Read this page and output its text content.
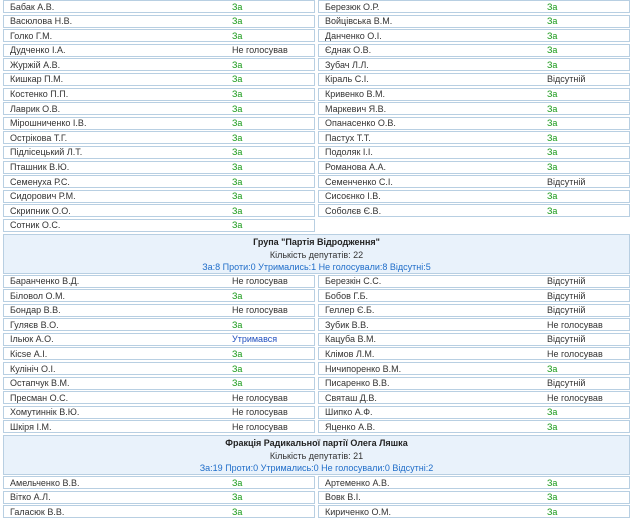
Бабак А.В.	За	Березюк О.Р.	За
Васюлова Н.В.	За	Войцівська В.М.	За
Голко Г.М.	За	Данченко О.І.	За
Дудченко І.А.	Не голосував	Єднак О.В.	За
Журжій А.В.	За	Зубач Л.Л.	За
Кишкар П.М.	За	Кіраль С.І.	Відсутній
Костенко П.П.	За	Кривенко В.М.	За
Лаврик О.В.	За	Маркевич Я.В.	За
Мірошниченко І.В.	За	Опанасенко О.В.	За
Острікова Т.Г.	За	Пастух Т.Т.	За
Підлісецький Л.Т.	За	Подоляк І.І.	За
Пташник В.Ю.	За	Романова А.А.	За
Семенуха Р.С.	За	Семенченко С.І.	Відсутній
Сидорович Р.М.	За	Сисоєнко І.В.	За
Скрипник О.О.	За	Соболєв Є.В.	За
Сотник О.С.	За
Група "Партія Відродження"
Кількість депутатів: 22
За:8 Проти:0 Утримались:1 Не голосували:8 Відсутні:5
Баранченко В.Д.	Не голосував	Березкін С.С.	Відсутній
Біловол О.М.	За	Бобов Г.Б.	Відсутній
Бондар В.В.	Не голосував	Геллер Є.Б.	Відсутній
Гуляєв В.О.	За	Зубик В.В.	Не голосував
Ільюк А.О.	Утримався	Кацуба В.М.	Відсутній
Кісse А.І.	За	Клімов Л.М.	Не голосував
Кулініч О.І.	За	Ничипоренко В.М.	За
Остапчук В.М.	За	Писаренко В.В.	Відсутній
Пресман О.С.	Не голосував	Святаш Д.В.	Не голосував
Хомутиннік В.Ю.	Не голосував	Шипко А.Ф.	За
Шкіря І.М.	Не голосував	Яценко А.В.	За
Фракція Радикальної партії Олега Ляшка
Кількість депутатів: 21
За:19 Проти:0 Утримались:0 Не голосували:0 Відсутні:2
Амельченко В.В.	За	Артеменко А.В.	За
Вітко А.Л.	За	Вовк В.І.	За
Галасюк В.В.	За	Кириченко О.М.	За
